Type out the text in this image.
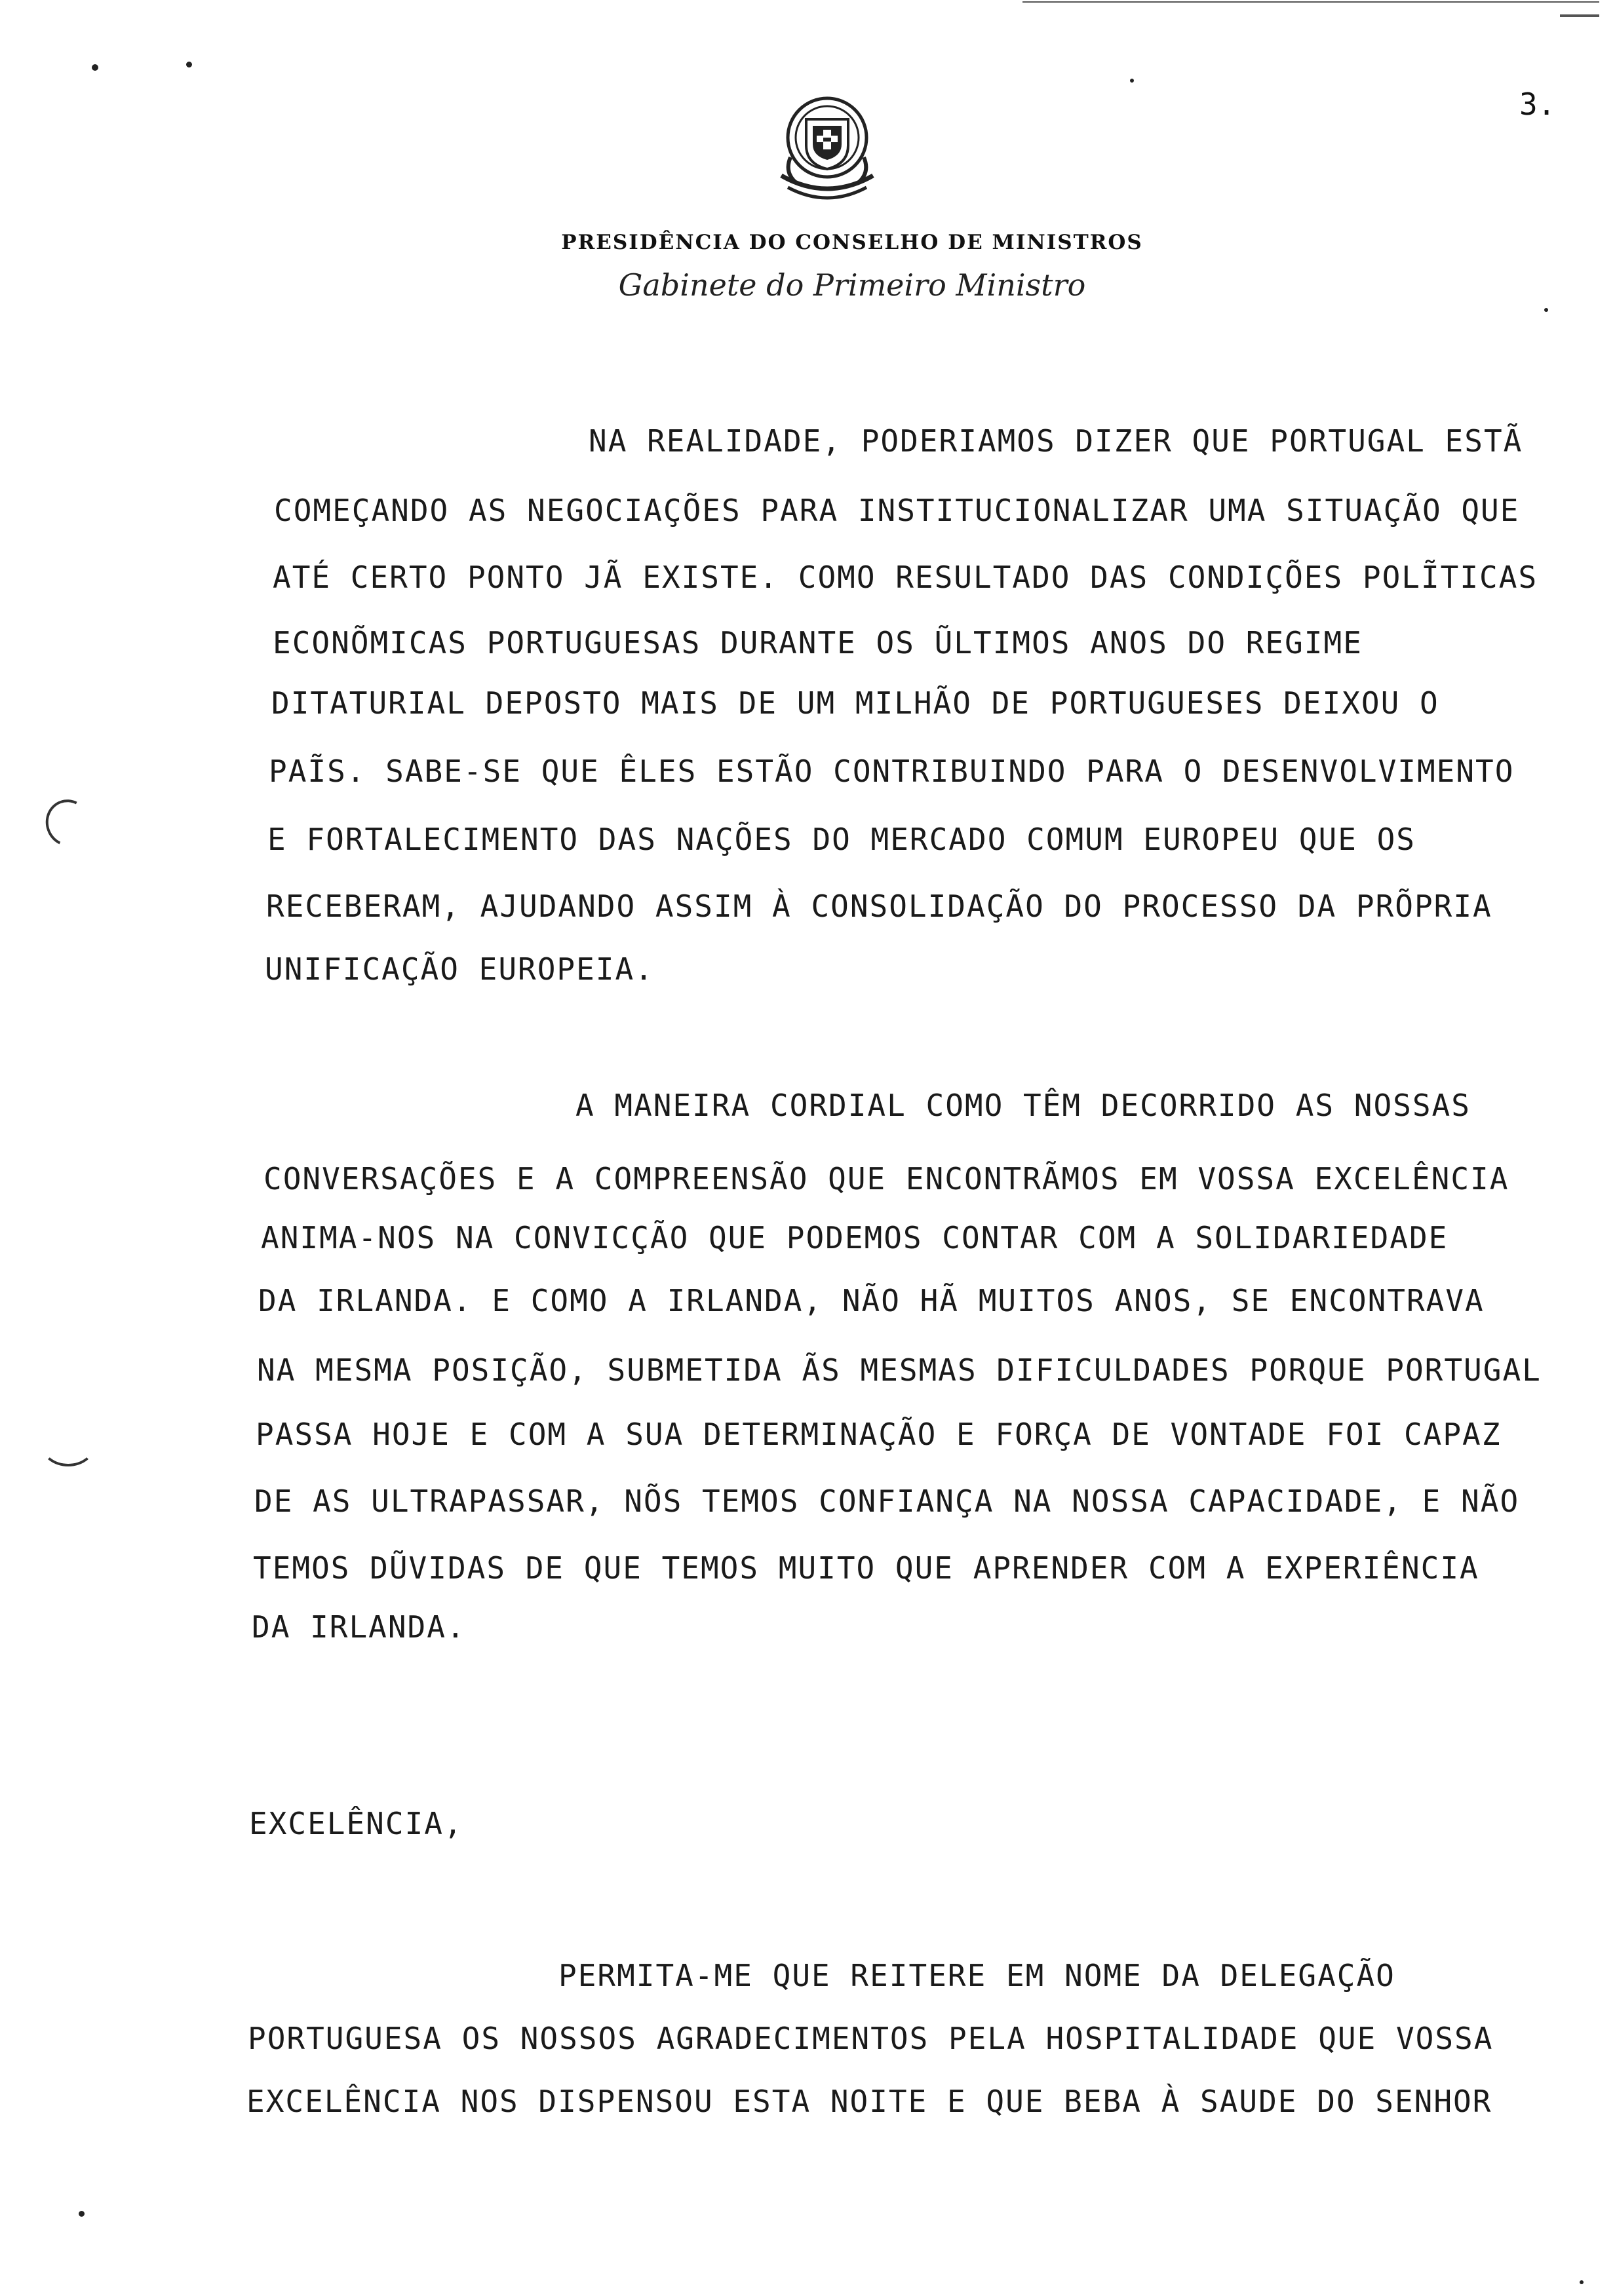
3.
PRESIDÊNCIA DO CONSELHO DE MINISTROS
Gabinete do Primeiro Ministro
NA REALIDADE, PODERIAMOS DIZER QUE PORTUGAL ESTÃ
COMEÇANDO AS NEGOCIAÇÕES PARA INSTITUCIONALIZAR UMA SITUAÇÃO QUE
ATÉ CERTO PONTO JÃ EXISTE. COMO RESULTADO DAS CONDIÇÕES POLĨTICAS
ECONÕMICAS PORTUGUESAS DURANTE OS ŨLTIMOS ANOS DO REGIME
DITATURIAL DEPOSTO MAIS DE UM MILHÃO DE PORTUGUESES DEIXOU O
PAĨS. SABE-SE QUE ÊLES ESTÃO CONTRIBUINDO PARA O DESENVOLVIMENTO
E FORTALECIMENTO DAS NAÇÕES DO MERCADO COMUM EUROPEU QUE OS
RECEBERAM, AJUDANDO ASSIM À CONSOLIDAÇÃO DO PROCESSO DA PRÕPRIA
UNIFICAÇÃO EUROPEIA.
A MANEIRA CORDIAL COMO TÊM DECORRIDO AS NOSSAS
CONVERSAÇÕES E A COMPREENSÃO QUE ENCONTRÃMOS EM VOSSA EXCELÊNCIA
ANIMA-NOS NA CONVICÇÃO QUE PODEMOS CONTAR COM A SOLIDARIEDADE
DA IRLANDA. E COMO A IRLANDA, NÃO HÃ MUITOS ANOS, SE ENCONTRAVA
NA MESMA POSIÇÃO, SUBMETIDA ÃS MESMAS DIFICULDADES PORQUE PORTUGAL
PASSA HOJE E COM A SUA DETERMINAÇÃO E FORÇA DE VONTADE FOI CAPAZ
DE AS ULTRAPASSAR, NÕS TEMOS CONFIANÇA NA NOSSA CAPACIDADE, E NÃO
TEMOS DŨVIDAS DE QUE TEMOS MUITO QUE APRENDER COM A EXPERIÊNCIA
DA IRLANDA.
EXCELÊNCIA,
PERMITA-ME QUE REITERE EM NOME DA DELEGAÇÃO
PORTUGUESA OS NOSSOS AGRADECIMENTOS PELA HOSPITALIDADE QUE VOSSA
EXCELÊNCIA NOS DISPENSOU ESTA NOITE E QUE BEBA À SAUDE DO SENHOR
